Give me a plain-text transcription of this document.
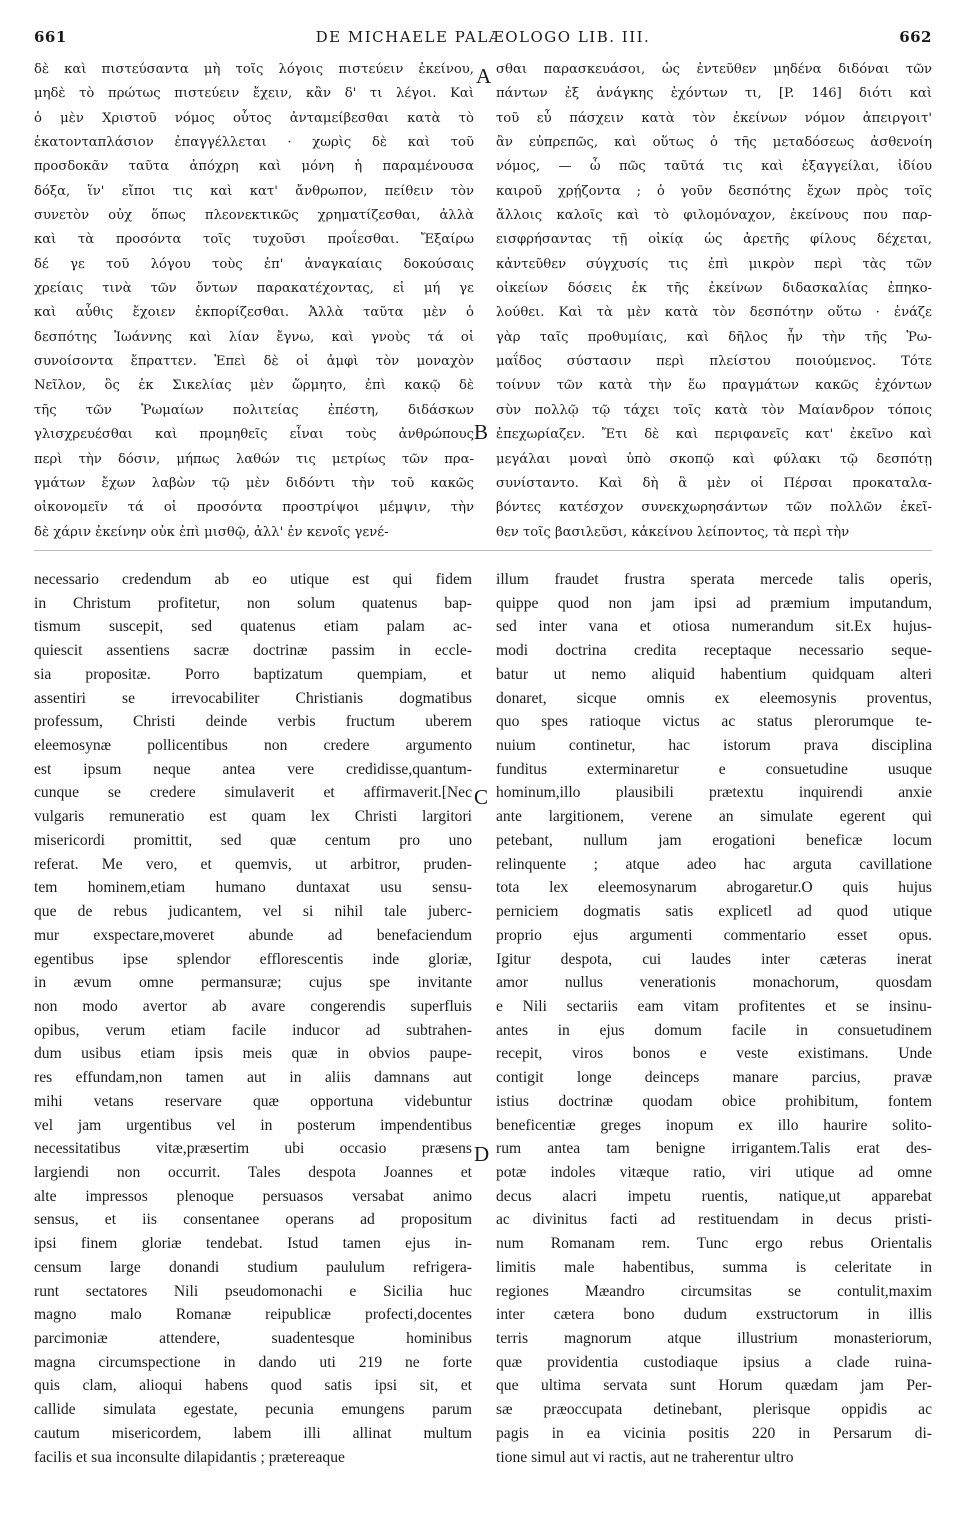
661	DE MICHAELE PALÆOLOGO LIB. III.	662
δὲ καὶ πιστεύσαντα μὴ τοῖς λόγοις πιστεύειν ἐκείνου,
μηδὲ τὸ πρώτως πιστεύειν ἔχειν, κἂν δ' τι λέγοι. Καὶ
ὁ μὲν Χριστοῦ νόμος οὗτος ἀνταμείβεσθαι κατὰ τὸ
ἑκατονταπλάσιον ἐπαγγέλλεται · χωρὶς δὲ καὶ τοῦ
προσδοκᾶν ταῦτα ἀπόχρη καὶ μόνη ἡ παραμένουσα
δόξα, ἵν' εἴποι τις καὶ κατ' ἄνθρωπον, πείθειν τὸν
συνετὸν οὐχ ὅπως πλεονεκτικῶς χρηματίζεσθαι, ἀλλὰ
καὶ τὰ προσόντα τοῖς τυχοῦσι προΐεσθαι. Ἔξαίρω
δέ γε τοῦ λόγου τοὺς ἐπ' ἀναγκαίαις δοκούσαις
χρείαις τινὰ τῶν ὄντων παρακατέχοντας, εἰ μή γε
καὶ αὖθις ἔχοιεν ἐκπορίζεσθαι. Ἀλλὰ ταῦτα μὲν ὁ
δεσπότης Ἰωάννης καὶ λίαν ἔγνω, καὶ γνοὺς τά οἱ
συνοίσοντα ἔπραττεν. Ἐπεὶ δὲ οἱ ἀμφὶ τὸν μοναχὸν
Νεῖλον, ὃς ἐκ Σικελίας μὲν ὥρμητο, ἐπὶ κακῷ δὲ
τῆς τῶν Ῥωμαίων πολιτείας ἐπέστη, διδάσκων
γλισχρευέσθαι καὶ προμηθεῖς εἶναι τοὺς ἀνθρώπους
περὶ τὴν δόσιν, μήπως λαθών τις μετρίως τῶν πρα-
γμάτων ἔχων λαβὼν τῷ μὲν διδόντι τὴν τοῦ κακῶς
οἰκονομεῖν τά οἱ προσόντα προστρίψοι μέμψιν, τὴν
δὲ χάριν ἐκείνην οὐκ ἐπὶ μισθῷ, ἀλλ' ἐν κενοῖς γενέ-
σθαι παρασκευάσοι, ὡς ἐντεῦθεν μηδένα διδόναι τῶν
πάντων ἐξ ἀνάγκης ἐχόντων τι, [P. 146] διότι καὶ
τοῦ εὖ πάσχειν κατὰ τὸν ἐκείνων νόμον ἀπειργοιτ'
ἂν εὐπρεπῶς, καὶ οὕτως ὁ τῆς μεταδόσεως ἀσθενοίη
νόμος, — ὦ πῶς ταῦτά τις καὶ ἐξαγγείλαι, ἰδίου
καιροῦ χρῄζοντα ; ὁ γοῦν δεσπότης ἔχων πρὸς τοῖς
ἄλλοις καλοῖς καὶ τὸ φιλομόναχον, ἐκείνους που παρ-
εισφρήσαντας τῇ οἰκίᾳ ὡς ἀρετῆς φίλους δέχεται,
κἀντεῦθεν σύγχυσίς τις ἐπὶ μικρὸν περὶ τὰς τῶν
οἰκείων δόσεις ἐκ τῆς ἐκείνων διδασκαλίας ἐπηκο-
λούθει. Καὶ τὰ μὲν κατὰ τὸν δεσπότην οὕτω · ἐνάζε
γὰρ ταῖς προθυμίαις, καὶ δῆλος ἦν τὴν τῆς Ῥω-
μαΐδος σύστασιν περὶ πλείστου ποιούμενος. Τότε
τοίνυν τῶν κατὰ τὴν ἕω πραγμάτων κακῶς ἐχόντων
σὺν πολλῷ τῷ τάχει τοῖς κατὰ τὸν Μαίανδρον τόποις
ἐπεχωρίαζεν. Ἔτι δὲ καὶ περιφανεῖς κατ' ἐκεῖνο καὶ
μεγάλαι μοναὶ ὑπὸ σκοπῷ καὶ φύλακι τῷ δεσπότῃ
συνίσταντο. Καὶ δὴ ἃ μὲν οἱ Πέρσαι προκαταλα-
βόντες κατέσχον συνεκχωρησάντων τῶν πολλῶν ἐκεῖ-
θεν τοῖς βασιλεῦσι, κἀκείνου λείποντος, τὰ περὶ τὴν
necessario credendum ab eo utique est qui fidem
in Christum profitetur, non solum quatenus bap-
tismum suscepit, sed quatenus etiam palam ac-
quiescit assentiens sacræ doctrinæ passim in eccle-
sia propositæ. Porro baptizatum quempiam, et
assentiri se irrevocabiliter Christianis dogmatibus
professum, Christi deinde verbis fructum uberem
eleemosynæ pollicentibus non credere argumento
est ipsum neque antea vere credidisse,quantum-
cunque se credere simulaverit et affirmaverit.[Nec
vulgaris remuneratio est quam lex Christi largitori
misericordi promittit, sed quæ centum pro uno
referat. Me vero, et quemvis, ut arbitror, pruden-
tem hominem,etiam humano duntaxat usu sensu-
que de rebus judicantem, vel si nihil tale juberc-
mur exspectare,moveret abunde ad benefaciendum
egentibus ipse splendor efflorescentis inde gloriæ,
in ævum omne permansuræ; cujus spe invitante
non modo avertor ab avare congerendis superfluis
opibus, verum etiam facile inducor ad subtrahen-
dum usibus etiam ipsis meis quæ in obvios paupe-
res effundam,non tamen aut in aliis damnans aut
mihi vetans reservare quæ opportuna videbuntur
vel jam urgentibus vel in posterum impendentibus
necessitatibus vitæ,præsertim ubi occasio præsens
largiendi non occurrit. Tales despota Joannes et
alte impressos plenoque persuasos versabat animo
sensus, et iis consentanee operans ad propositum
ipsi finem gloriæ tendebat. Istud tamen ejus in-
censum large donandi studium paululum refrigera-
runt sectatores Nili pseudomonachi e Sicilia huc
magno malo Romanæ reipublicæ profecti,docentes
parcimoniæ attendere, suadentesque hominibus
magna circumspectione in dando uti 219 ne forte
quis clam, alioqui habens quod satis ipsi sit, et
callide simulata egestate, pecunia emungens parum
cautum misericordem, labem illi allinat multum
facilis et sua inconsulte dilapidantis ; prætereaque
illum fraudet frustra sperata mercede talis operis,
quippe quod non jam ipsi ad præmium imputandum,
sed inter vana et otiosa numerandum sit.Ex hujus-
modi doctrina credita receptaque necessario seque-
batur ut nemo aliquid habentium quidquam alteri
donaret, sicque omnis ex eleemosynis proventus,
quo spes ratioque victus ac status plerorumque te-
nuium continetur, hac istorum prava disciplina
funditus exterminaretur e consuetudine usuque
hominum,illo plausibili prætextu inquirendi anxie
ante largitionem, verene an simulate egerent qui
petebant, nullum jam erogationi beneficæ locum
relinquente ; atque adeo hac arguta cavillatione
tota lex eleemosynarum abrogaretur.O quis hujus
perniciem dogmatis satis explicetl ad quod utique
proprio ejus argumenti commentario esset opus.
Igitur despota, cui laudes inter cæteras inerat
amor nullus venerationis monachorum, quosdam
e Nili sectariis eam vitam profitentes et se insinu-
antes in ejus domum facile in consuetudinem
recepit, viros bonos e veste existimans. Unde
contigit longe deinceps manare parcius, pravæ
istius doctrinæ quodam obice prohibitum, fontem
beneficentiæ greges inopum ex illo haurire solito-
rum antea tam benigne irrigantem.Talis erat des-
potæ indoles vitæque ratio, viri utique ad omne
decus alacri impetu ruentis, natique,ut apparebat
ac divinitus facti ad restituendam in decus pristi-
num Romanam rem. Tunc ergo rebus Orientalis
limitis male habentibus, summa is celeritate in
regiones Mæandro circumsitas se contulit,maxim
inter cætera bono dudum exstructorum in illis
terris magnorum atque illustrium monasteriorum,
quæ providentia custodiaque ipsius a clade ruina-
que ultima servata sunt Horum quædam jam Per-
sæ præoccupata detinebant, plerisque oppidis ac
pagis in ea vicinia positis 220 in Persarum di-
tione simul aut vi ractis, aut ne traherentur ultro
A
B
C
D
